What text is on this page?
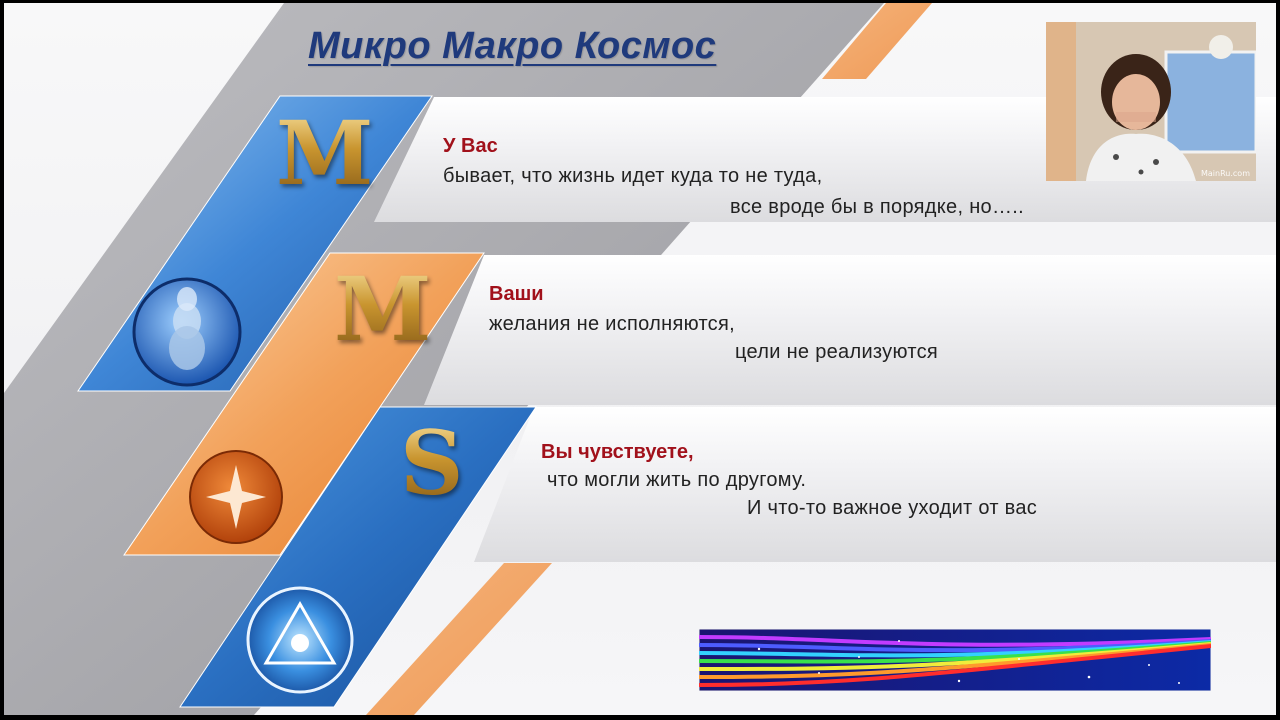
Микро Макро Космос
M
M
S

У Вас

бывает, что жизнь идет куда то не туда,

все вроде бы в порядке, но…..

Ваши

желания не исполняются,

цели не реализуются

Вы чувствуете,

что могли жить по другому.

И что-то важное уходит от вас

MainRu.com
